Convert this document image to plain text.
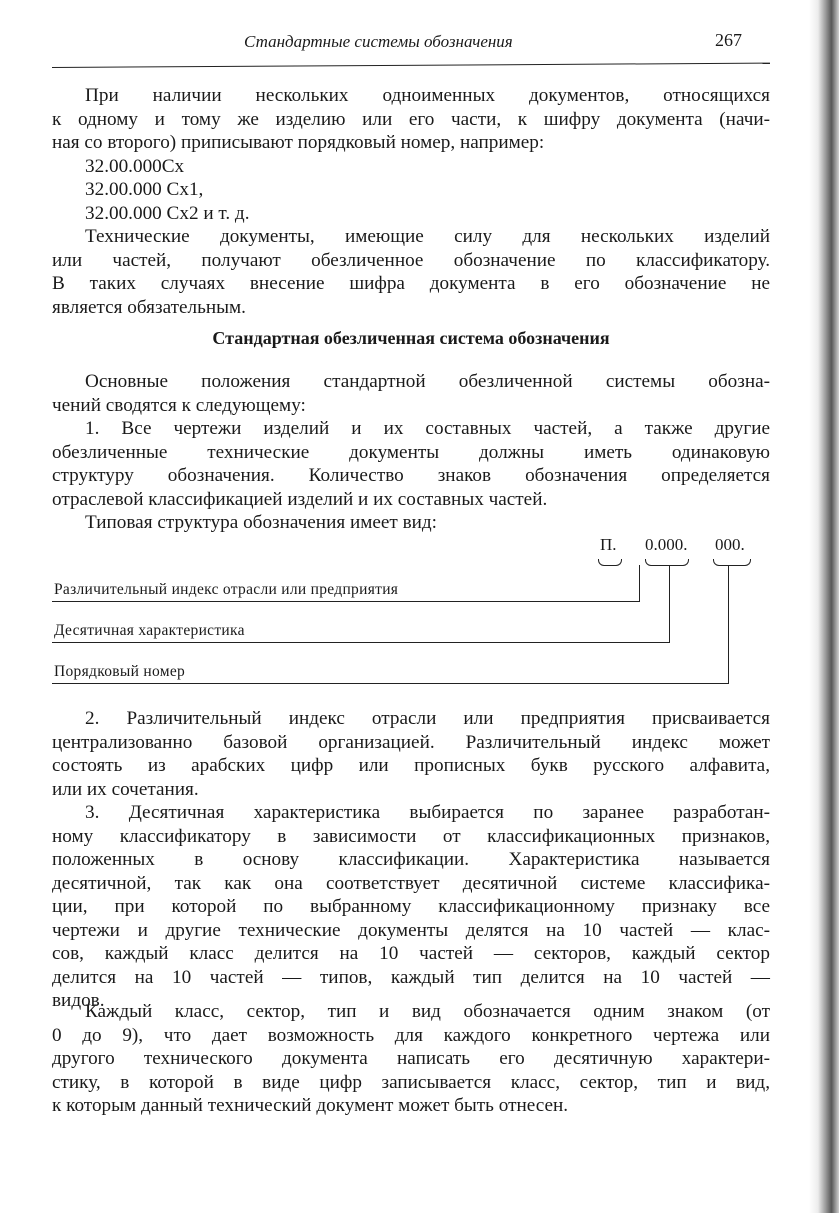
Стандартные системы обозначения	267
При наличии нескольких одноименных документов, относящихся
к одному и тому же изделию или его части, к шифру документа (начи-
ная со второго) приписывают порядковый номер, например:
32.00.000Сх
32.00.000 Сх1,
32.00.000 Сх2 и т. д.
Технические документы, имеющие силу для нескольких изделий
или частей, получают обезличенное обозначение по классификатору.
В таких случаях внесение шифра документа в его обозначение не
является обязательным.
Стандартная обезличенная система обозначения
Основные положения стандартной обезличенной системы обозна-
чений сводятся к следующему:
1. Все чертежи изделий и их составных частей, а также другие
обезличенные технические документы должны иметь одинаковую
структуру обозначения. Количество знаков обозначения определяется
отраслевой классификацией изделий и их составных частей.
Типовая структура обозначения имеет вид:
П. 0.000. 000.
Различительный индекс отрасли или предприятия
Десятичная характеристика
Порядковый номер
2. Различительный индекс отрасли или предприятия присваивается
централизованно базовой организацией. Различительный индекс может
состоять из арабских цифр или прописных букв русского алфавита,
или их сочетания.
3. Десятичная характеристика выбирается по заранее разработан-
ному классификатору в зависимости от классификационных признаков,
положенных в основу классификации. Характеристика называется
десятичной, так как она соответствует десятичной системе классифика-
ции, при которой по выбранному классификационному признаку все
чертежи и другие технические документы делятся на 10 частей — клас-
сов, каждый класс делится на 10 частей — секторов, каждый сектор
делится на 10 частей — типов, каждый тип делится на 10 частей —
видов.
Каждый класс, сектор, тип и вид обозначается одним знаком (от
0 до 9), что дает возможность для каждого конкретного чертежа или
другого технического документа написать его десятичную характери-
стику, в которой в виде цифр записывается класс, сектор, тип и вид,
к которым данный технический документ может быть отнесен.
